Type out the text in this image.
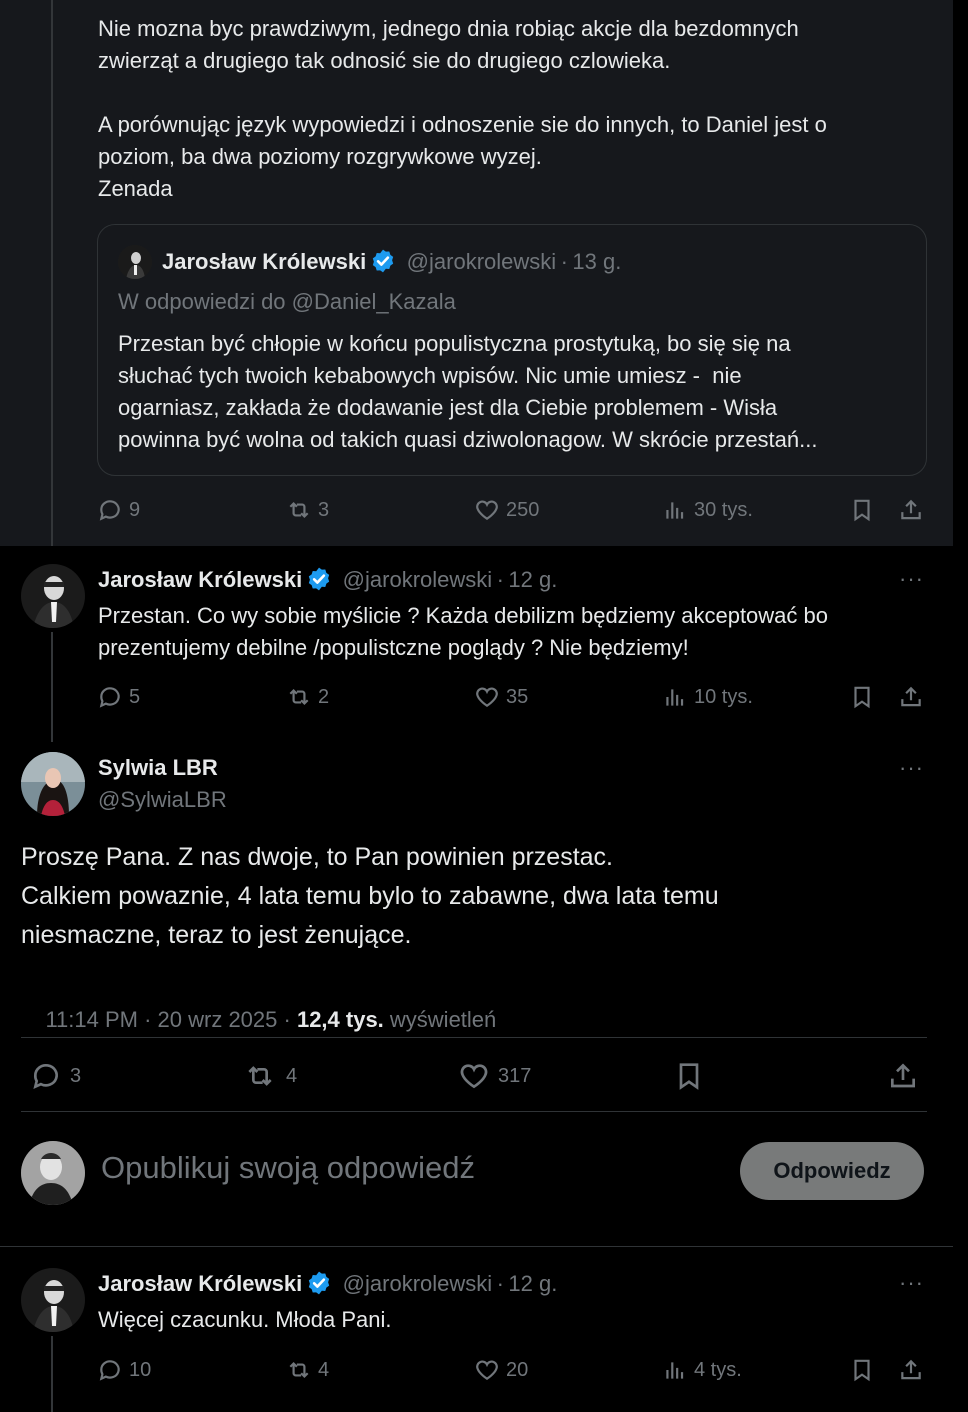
Nie mozna byc prawdziwym, jednego dnia robiąc akcje dla bezdomnych
zwierząt a drugiego tak odnosić sie do drugiego czlowieka.

A porównując język wypowiedzi i odnoszenie sie do innych, to Daniel jest o
poziom, ba dwa poziomy rozgrywkowe wyzej.
Zenada
Jarosław Królewski @jarokrolewski · 13 g.
W odpowiedzi do @Daniel_Kazala
Przestan być chłopie w końcu populistyczna prostytuką, bo się się na
słuchać tych twoich kebabowych wpisów. Nic umie umiesz -  nie
ogarniasz, zakłada że dodawanie jest dla Ciebie problemem - Wisła
powinna być wolna od takich quasi dziwolonagow. W skrócie przestań...
9	3	250	30 tys.
Jarosław Królewski @jarokrolewski · 12 g.	···
Przestan. Co wy sobie myślicie ? Każda debilizm będziemy akceptować bo
prezentujemy debilne /populistczne poglądy ? Nie będziemy!
5	2	35	10 tys.
Sylwia LBR
@SylwiaLBR
···
Proszę Pana. Z nas dwoje, to Pan powinien przestac.
Calkiem powaznie, 4 lata temu bylo to zabawne, dwa lata temu
niesmaczne, teraz to jest żenujące.

11:14 PM · 20 wrz 2025 · 12,4 tys. wyświetleń

3	4	317
Opublikuj swoją odpowiedź	Odpowiedz
Jarosław Królewski @jarokrolewski · 12 g.	···
Więcej czacunku. Młoda Pani.
10	4	20	4 tys.
